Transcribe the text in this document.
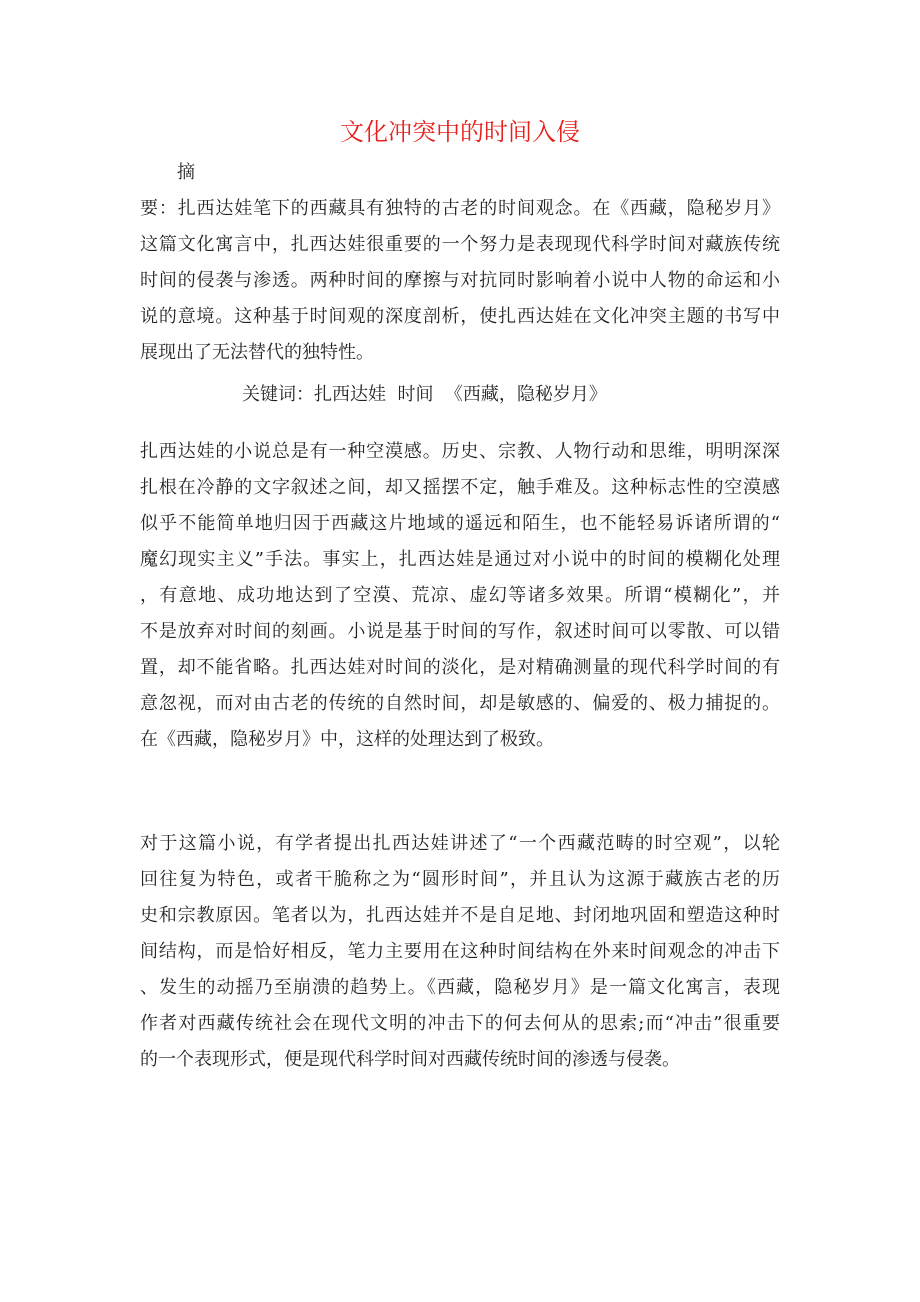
文化冲突中的时间入侵
摘
要：扎西达娃笔下的西藏具有独特的古老的时间观念。在《西藏，隐秘岁月》
这篇文化寓言中，扎西达娃很重要的一个努力是表现现代科学时间对藏族传统
时间的侵袭与渗透。两种时间的摩擦与对抗同时影响着小说中人物的命运和小
说的意境。这种基于时间观的深度剖析，使扎西达娃在文化冲突主题的书写中
展现出了无法替代的独特性。
关键词：扎西达娃  时间  《西藏，隐秘岁月》
扎西达娃的小说总是有一种空漠感。历史、宗教、人物行动和思维，明明深深
扎根在冷静的文字叙述之间，却又摇摆不定，触手难及。这种标志性的空漠感
似乎不能简单地归因于西藏这片地域的遥远和陌生，也不能轻易诉诸所谓的“
魔幻现实主义”手法。事实上，扎西达娃是通过对小说中的时间的模糊化处理
，有意地、成功地达到了空漠、荒凉、虚幻等诸多效果。所谓“模糊化”，并
不是放弃对时间的刻画。小说是基于时间的写作，叙述时间可以零散、可以错
置，却不能省略。扎西达娃对时间的淡化，是对精确测量的现代科学时间的有
意忽视，而对由古老的传统的自然时间，却是敏感的、偏爱的、极力捕捉的。
在《西藏，隐秘岁月》中，这样的处理达到了极致。
对于这篇小说，有学者提出扎西达娃讲述了“一个西藏范畴的时空观”，以轮
回往复为特色，或者干脆称之为“圆形时间”，并且认为这源于藏族古老的历
史和宗教原因。笔者以为，扎西达娃并不是自足地、封闭地巩固和塑造这种时
间结构，而是恰好相反，笔力主要用在这种时间结构在外来时间观念的冲击下
、发生的动摇乃至崩溃的趋势上。《西藏，隐秘岁月》是一篇文化寓言，表现
作者对西藏传统社会在现代文明的冲击下的何去何从的思索;而“冲击”很重要
的一个表现形式，便是现代科学时间对西藏传统时间的渗透与侵袭。
